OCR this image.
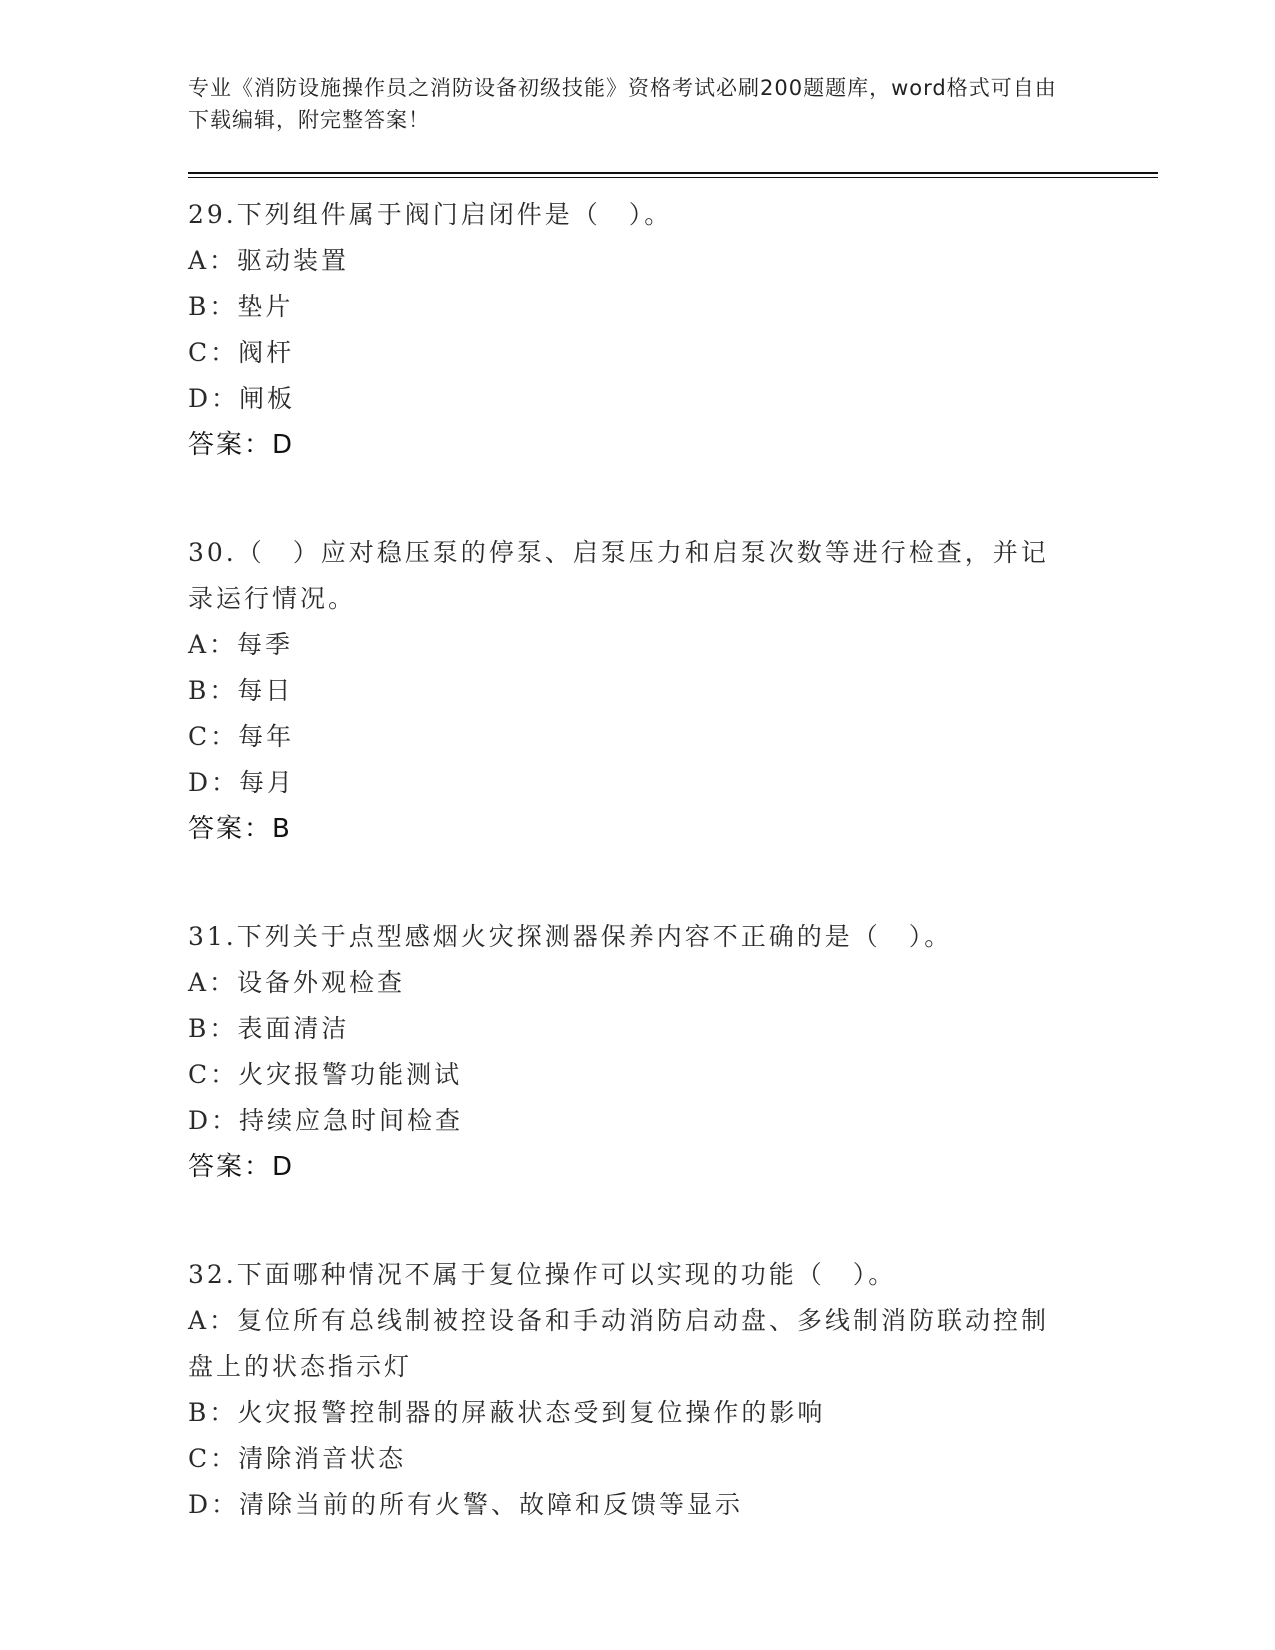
专业《消防设施操作员之消防设备初级技能》资格考试必刷200题题库，word格式可自由下载编辑，附完整答案！
29.下列组件属于阀门启闭件是（　）。
A：驱动装置
B：垫片
C：阀杆
D：闸板
答案：D
30.（　）应对稳压泵的停泵、启泵压力和启泵次数等进行检查，并记录运行情况。
A：每季
B：每日
C：每年
D：每月
答案：B
31.下列关于点型感烟火灾探测器保养内容不正确的是（　）。
A：设备外观检查
B：表面清洁
C：火灾报警功能测试
D：持续应急时间检查
答案：D
32.下面哪种情况不属于复位操作可以实现的功能（　）。
A：复位所有总线制被控设备和手动消防启动盘、多线制消防联动控制盘上的状态指示灯
B：火灾报警控制器的屏蔽状态受到复位操作的影响
C：清除消音状态
D：清除当前的所有火警、故障和反馈等显示
